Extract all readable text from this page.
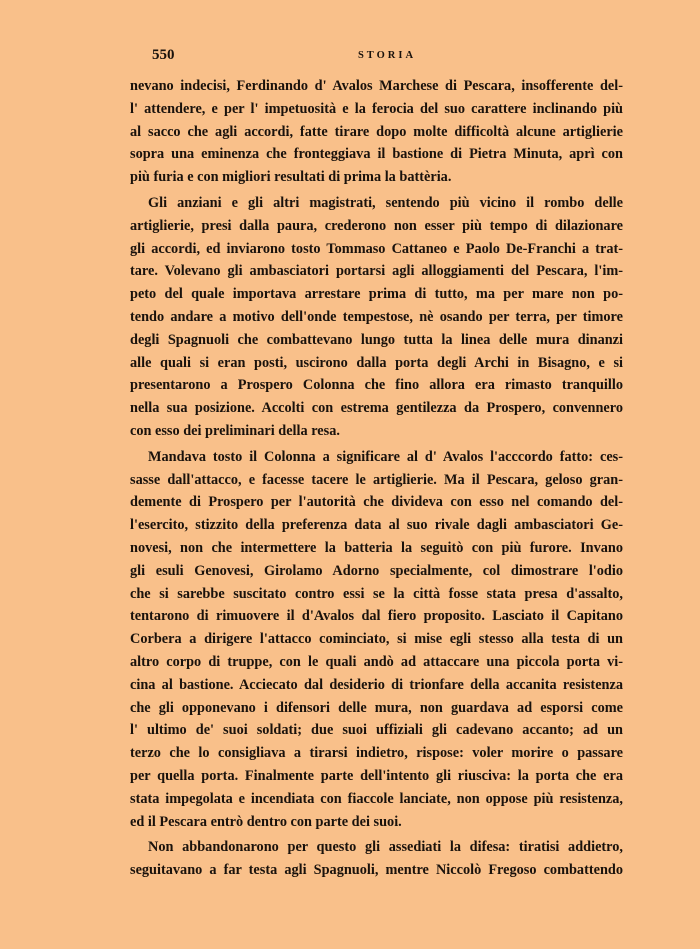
550	STORIA
nevano indecisi, Ferdinando d' Avalos Marchese di Pescara, insofferente del-
l' attendere, e per l' impetuosità e la ferocia del suo carattere inclinando più
al sacco che agli accordi, fatte tirare dopo molte difficoltà alcune artiglierie
sopra una eminenza che fronteggiava il bastione di Pietra Minuta, aprì con
più furia e con migliori resultati di prima la battèria.
Gli anziani e gli altri magistrati, sentendo più vicino il rombo delle
artiglierie, presi dalla paura, crederono non esser più tempo di dilazionare
gli accordi, ed inviarono tosto Tommaso Cattaneo e Paolo De-Franchi a trat-
tare. Volevano gli ambasciatori portarsi agli alloggiamenti del Pescara, l'im-
peto del quale importava arrestare prima di tutto, ma per mare non po-
tendo andare a motivo dell'onde tempestose, nè osando per terra, per timore
degli Spagnuoli che combattevano lungo tutta la linea delle mura dinanzi
alle quali si eran posti, uscirono dalla porta degli Archi in Bisagno, e si
presentarono a Prospero Colonna che fino allora era rimasto tranquillo
nella sua posizione. Accolti con estrema gentilezza da Prospero, convennero
con esso dei preliminari della resa.
Mandava tosto il Colonna a significare al d' Avalos l'acccordo fatto: ces-
sasse dall'attacco, e facesse tacere le artiglierie. Ma il Pescara, geloso gran-
demente di Prospero per l'autorità che divideva con esso nel comando del-
l'esercito, stizzito della preferenza data al suo rivale dagli ambasciatori Ge-
novesi, non che intermettere la batteria la seguitò con più furore. Invano
gli esuli Genovesi, Girolamo Adorno specialmente, col dimostrare l'odio
che si sarebbe suscitato contro essi se la città fosse stata presa d'assalto,
tentarono di rimuovere il d'Avalos dal fiero proposito. Lasciato il Capitano
Corbera a dirigere l'attacco cominciato, si mise egli stesso alla testa di un
altro corpo di truppe, con le quali andò ad attaccare una piccola porta vi-
cina al bastione. Acciecato dal desiderio di trionfare della accanita resistenza
che gli opponevano i difensori delle mura, non guardava ad esporsi come
l' ultimo de' suoi soldati; due suoi uffiziali gli cadevano accanto; ad un
terzo che lo consigliava a tirarsi indietro, rispose: voler morire o passare
per quella porta. Finalmente parte dell'intento gli riusciva: la porta che era
stata impegolata e incendiata con fiaccole lanciate, non oppose più resistenza,
ed il Pescara entrò dentro con parte dei suoi.
Non abbandonarono per questo gli assediati la difesa: tiratisi addietro,
seguitavano a far testa agli Spagnuoli, mentre Niccolò Fregoso combattendo
